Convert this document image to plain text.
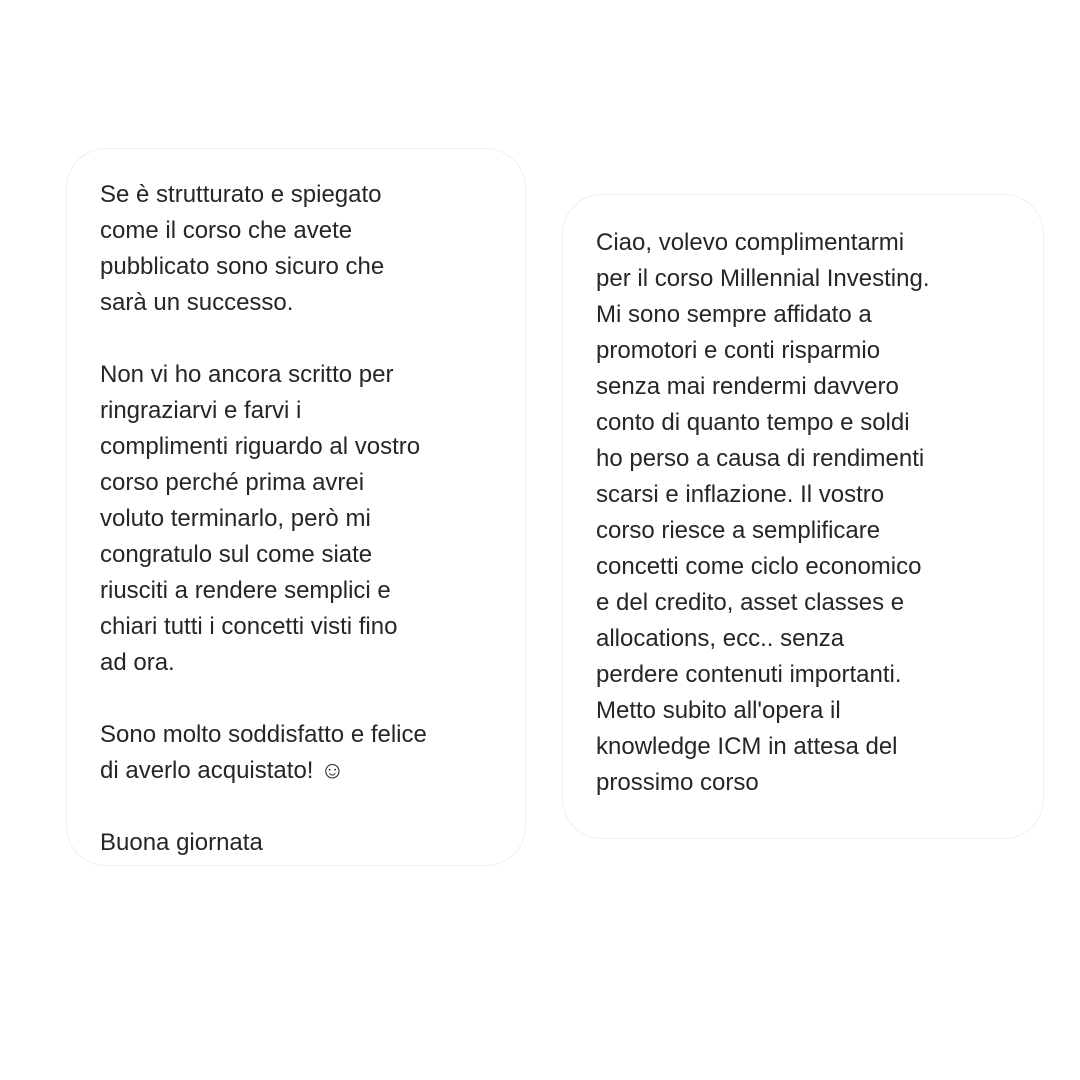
Se è strutturato e spiegato
come il corso che avete
pubblicato sono sicuro che
sarà un successo.

Non vi ho ancora scritto per
ringraziarvi e farvi i
complimenti riguardo al vostro
corso perché prima avrei
voluto terminarlo, però mi
congratulo sul come siate
riusciti a rendere semplici e
chiari tutti i concetti visti fino
ad ora.

Sono molto soddisfatto e felice
di averlo acquistato! ☺

Buona giornata

Ciao, volevo complimentarmi
per il corso Millennial Investing.
Mi sono sempre affidato a
promotori e conti risparmio
senza mai rendermi davvero
conto di quanto tempo e soldi
ho perso a causa di rendimenti
scarsi e inflazione. Il vostro
corso riesce a semplificare
concetti come ciclo economico
e del credito, asset classes e
allocations, ecc.. senza
perdere contenuti importanti.
Metto subito all'opera il
knowledge ICM in attesa del
prossimo corso
